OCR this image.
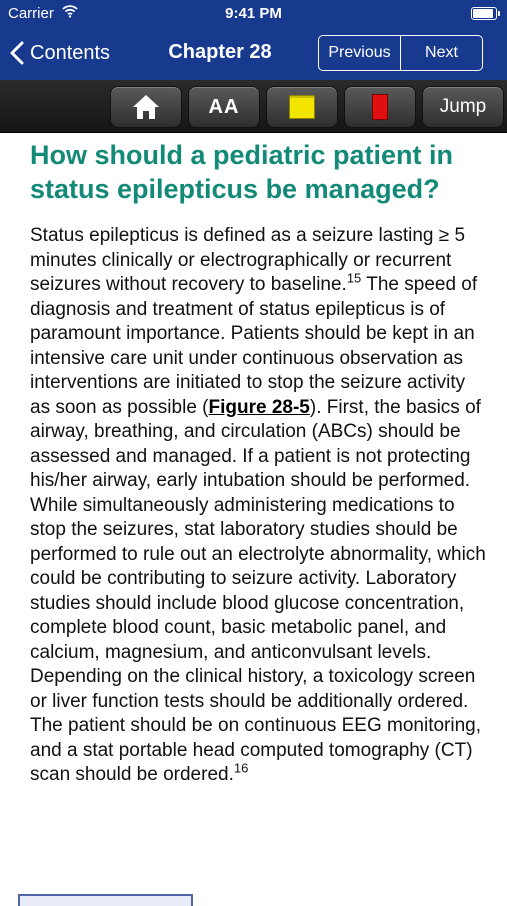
Carrier	9:41 PM
Contents	Chapter 28	Previous	Next
AA	Jump
How should a pediatric patient in status epilepticus be managed?
Status epilepticus is defined as a seizure lasting ≥ 5 minutes clinically or electrographically or recurrent seizures without recovery to baseline.$^{15}$ The speed of diagnosis and treatment of status epilepticus is of paramount importance. Patients should be kept in an intensive care unit under continuous observation as interventions are initiated to stop the seizure activity as soon as possible (Figure 28-5). First, the basics of airway, breathing, and circulation (ABCs) should be assessed and managed. If a patient is not protecting his/her airway, early intubation should be performed. While simultaneously administering medications to stop the seizures, stat laboratory studies should be performed to rule out an electrolyte abnormality, which could be contributing to seizure activity. Laboratory studies should include blood glucose concentration, complete blood count, basic metabolic panel, and calcium, magnesium, and anticonvulsant levels. Depending on the clinical history, a toxicology screen or liver function tests should be additionally ordered. The patient should be on continuous EEG monitoring, and a stat portable head computed tomography (CT) scan should be ordered.$^{16}$
